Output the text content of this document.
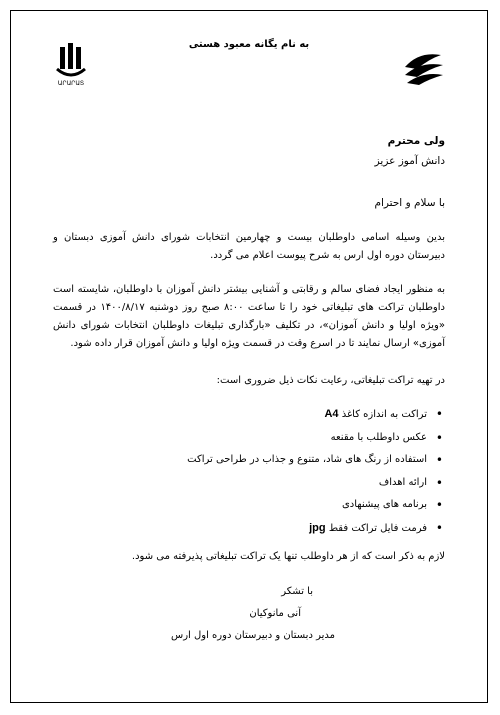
ԱՐԱՐԱՏ
به نام یگانه معبود هستی
ولی محترم
دانش آموز عزیز
با سلام و احترام
بدین وسیله اسامی داوطلبان بیست و چهارمین انتخابات شورای دانش آموزی دبستان و دبیرستان دوره اول ارس به شرح پیوست اعلام می گردد.
به منظور ایجاد فضای سالم و رقابتی و آشنایی بیشتر دانش آموزان با داوطلبان، شایسته است داوطلبان تراکت های تبلیغاتی خود را تا ساعت ۸:۰۰ صبح روز دوشنبه ۱۴۰۰/۸/۱۷ در قسمت «ویژه اولیا و دانش آموزان»، در تکلیف «بارگذاری تبلیغات داوطلبان انتخابات شورای دانش آموزی» ارسال نمایند تا در اسرع وقت در قسمت ویژه اولیا و دانش آموزان قرار داده شود.
در تهیه تراکت تبلیغاتی، رعایت نکات ذیل ضروری است:
• تراکت به اندازه کاغذ A4
• عکس داوطلب با مقنعه
• استفاده از رنگ های شاد، متنوع و جذاب در طراحی تراکت
• ارائه اهداف
• برنامه های پیشنهادی
• فرمت فایل تراکت فقط jpg
لازم به ذکر است که از هر داوطلب تنها یک تراکت تبلیغاتی پذیرفته می شود.
با تشکر
آنی مانوکیان
مدیر دبستان و دبیرستان دوره اول ارس
